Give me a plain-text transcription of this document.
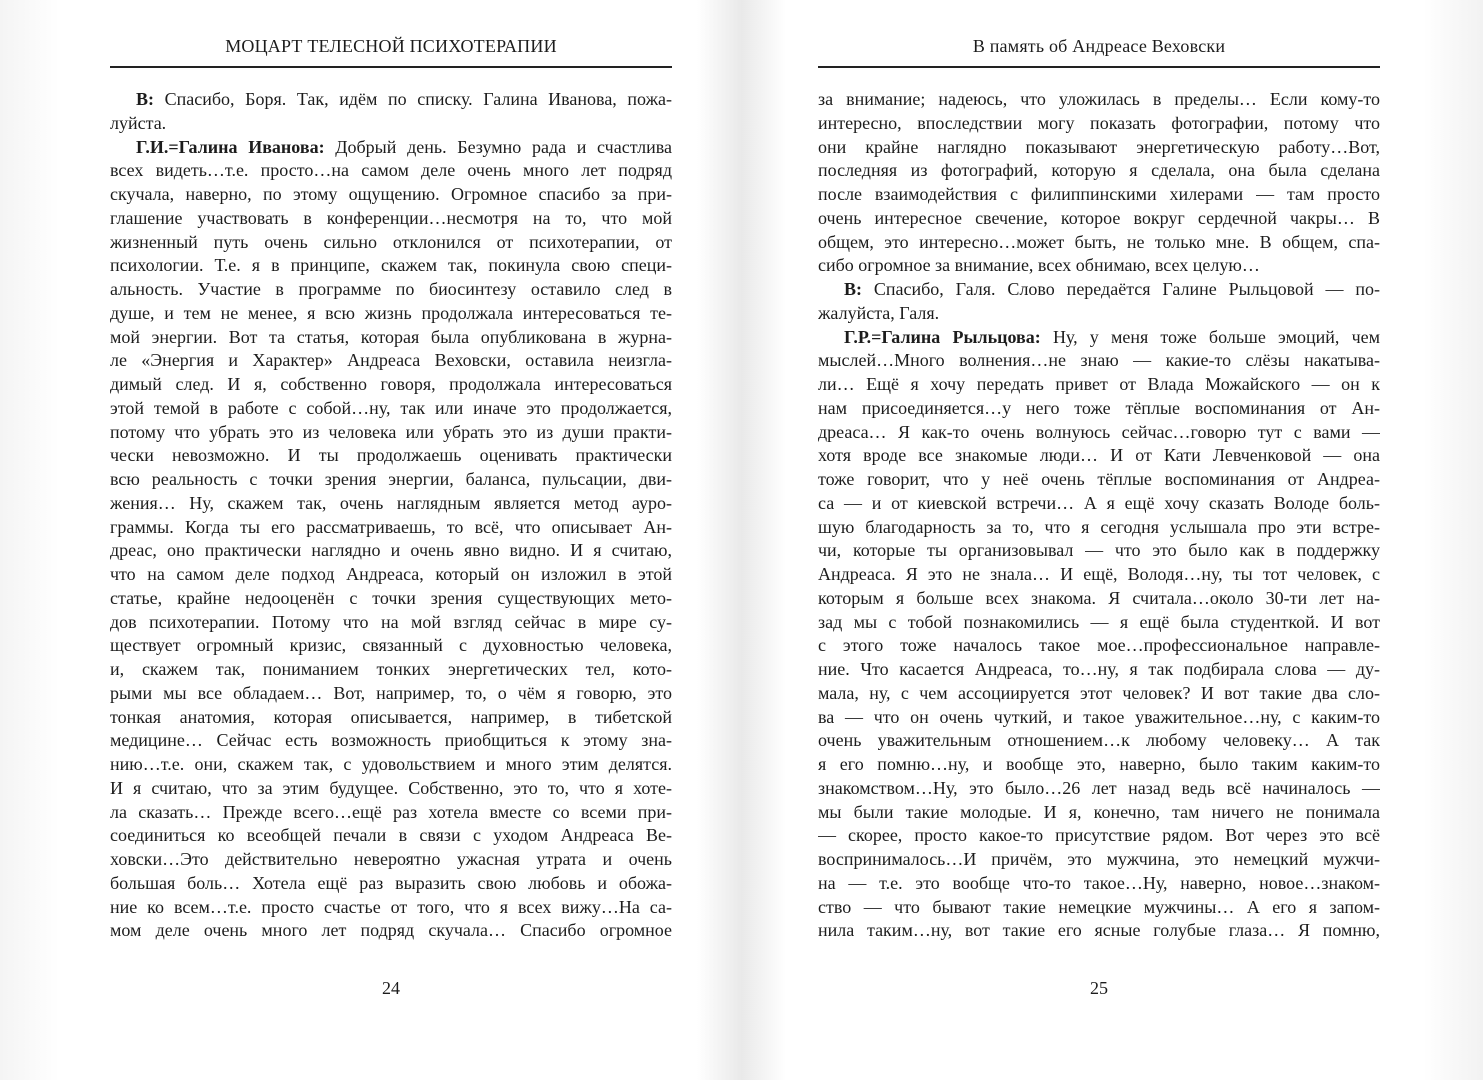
МОЦАРТ ТЕЛЕСНОЙ ПСИХОТЕРАПИИ
В: Спасибо, Боря. Так, идём по списку. Галина Иванова, пожа-
луйста.
Г.И.=Галина Иванова: Добрый день. Безумно рада и счастлива
всех видеть…т.е. просто…на самом деле очень много лет подряд
скучала, наверно, по этому ощущению. Огромное спасибо за при-
глашение участвовать в конференции…несмотря на то, что мой
жизненный путь очень сильно отклонился от психотерапии, от
психологии. Т.е. я в принципе, скажем так, покинула свою специ-
альность. Участие в программе по биосинтезу оставило след в
душе, и тем не менее, я всю жизнь продолжала интересоваться те-
мой энергии. Вот та статья, которая была опубликована в журна-
ле «Энергия и Характер» Андреаса Веховски, оставила неизгла-
димый след. И я, собственно говоря, продолжала интересоваться
этой темой в работе с собой…ну, так или иначе это продолжается,
потому что убрать это из человека или убрать это из души практи-
чески невозможно. И ты продолжаешь оценивать практически
всю реальность с точки зрения энергии, баланса, пульсации, дви-
жения… Ну, скажем так, очень наглядным является метод ауро-
граммы. Когда ты его рассматриваешь, то всё, что описывает Ан-
дреас, оно практически наглядно и очень явно видно. И я считаю,
что на самом деле подход Андреаса, который он изложил в этой
статье, крайне недооценён с точки зрения существующих мето-
дов психотерапии. Потому что на мой взгляд сейчас в мире су-
ществует огромный кризис, связанный с духовностью человека,
и, скажем так, пониманием тонких энергетических тел, кото-
рыми мы все обладаем… Вот, например, то, о чём я говорю, это
тонкая анатомия, которая описывается, например, в тибетской
медицине… Сейчас есть возможность приобщиться к этому зна-
нию…т.е. они, скажем так, с удовольствием и много этим делятся.
И я считаю, что за этим будущее. Собственно, это то, что я хоте-
ла сказать… Прежде всего…ещё раз хотела вместе со всеми при-
соединиться ко всеобщей печали в связи с уходом Андреаса Ве-
ховски…Это действительно невероятно ужасная утрата и очень
большая боль… Хотела ещё раз выразить свою любовь и обожа-
ние ко всем…т.е. просто счастье от того, что я всех вижу…На са-
мом деле очень много лет подряд скучала… Спасибо огромное
24
В память об Андреасе Веховски
за внимание; надеюсь, что уложилась в пределы… Если кому-то
интересно, впоследствии могу показать фотографии, потому что
они крайне наглядно показывают энергетическую работу…Вот,
последняя из фотографий, которую я сделала, она была сделана
после взаимодействия с филиппинскими хилерами — там просто
очень интересное свечение, которое вокруг сердечной чакры… В
общем, это интересно…может быть, не только мне. В общем, спа-
сибо огромное за внимание, всех обнимаю, всех целую…
В: Спасибо, Галя. Слово передаётся Галине Рыльцовой — по-
жалуйста, Галя.
Г.Р.=Галина Рыльцова: Ну, у меня тоже больше эмоций, чем
мыслей…Много волнения…не знаю — какие-то слёзы накатыва-
ли… Ещё я хочу передать привет от Влада Можайского — он к
нам присоединяется…у него тоже тёплые воспоминания от Ан-
дреаса… Я как-то очень волнуюсь сейчас…говорю тут с вами —
хотя вроде все знакомые люди… И от Кати Левченковой — она
тоже говорит, что у неё очень тёплые воспоминания от Андреа-
са — и от киевской встречи… А я ещё хочу сказать Володе боль-
шую благодарность за то, что я сегодня услышала про эти встре-
чи, которые ты организовывал — что это было как в поддержку
Андреаса. Я это не знала… И ещё, Володя…ну, ты тот человек, с
которым я больше всех знакома. Я считала…около 30-ти лет на-
зад мы с тобой познакомились — я ещё была студенткой. И вот
с этого тоже началось такое мое…профессиональное направле-
ние. Что касается Андреаса, то…ну, я так подбирала слова — ду-
мала, ну, с чем ассоциируется этот человек? И вот такие два сло-
ва — что он очень чуткий, и такое уважительное…ну, с каким-то
очень уважительным отношением…к любому человеку… А так
я его помню…ну, и вообще это, наверно, было таким каким-то
знакомством…Ну, это было…26 лет назад ведь всё начиналось —
мы были такие молодые. И я, конечно, там ничего не понимала
— скорее, просто какое-то присутствие рядом. Вот через это всё
воспринималось…И причём, это мужчина, это немецкий мужчи-
на — т.е. это вообще что-то такое…Ну, наверно, новое…знаком-
ство — что бывают такие немецкие мужчины… А его я запом-
нила таким…ну, вот такие его ясные голубые глаза… Я помню,
25
